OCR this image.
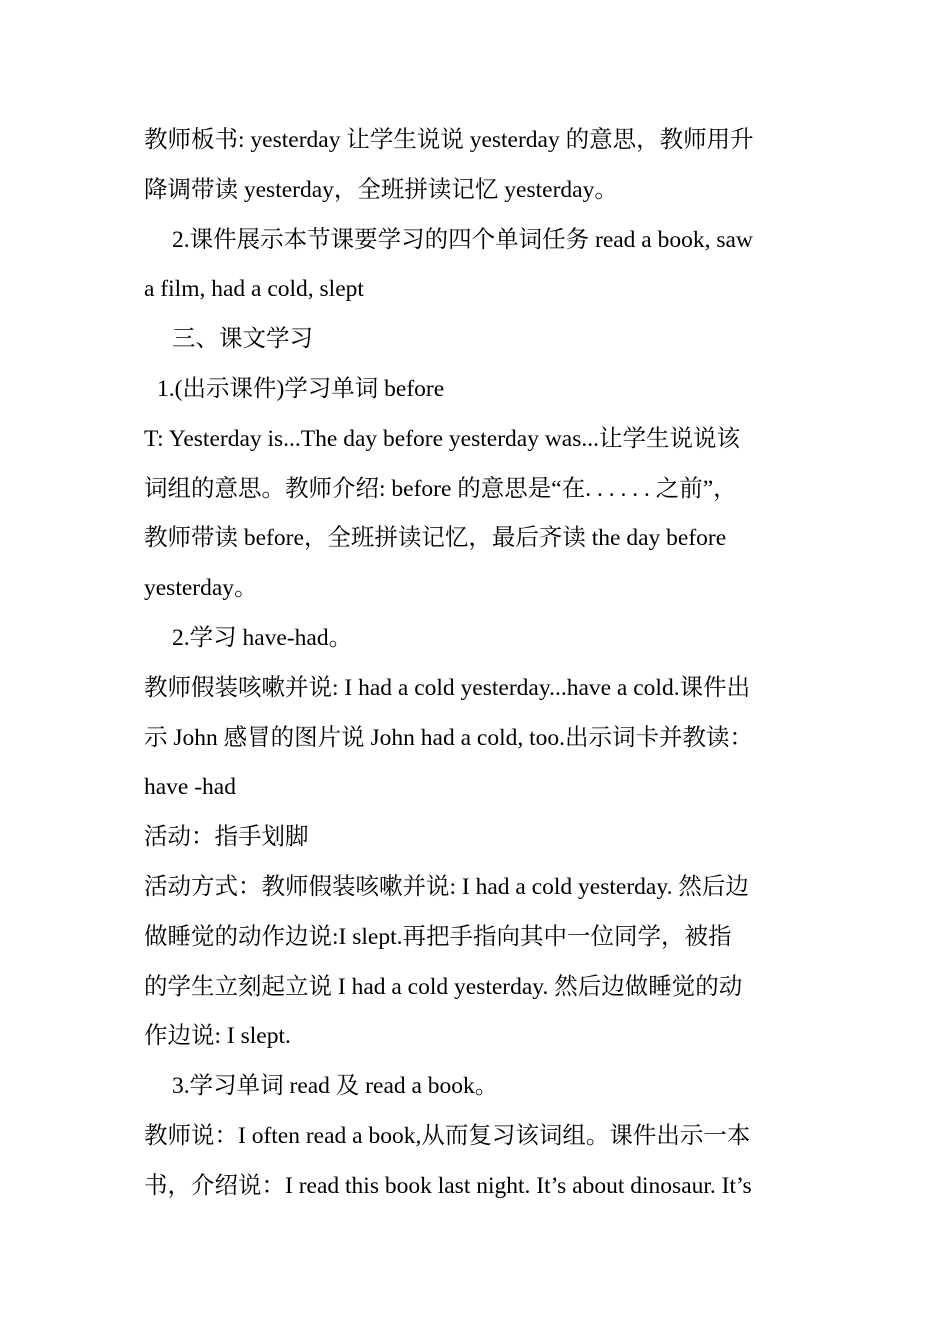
教师板书: yesterday 让学生说说 yesterday 的意思，教师用升
降调带读 yesterday，全班拼读记忆 yesterday。
2.课件展示本节课要学习的四个单词任务 read a book, saw
a film, had a cold, slept
三、课文学习
1.(出示课件)学习单词 before
T: Yesterday is...The day before yesterday was...让学生说说该
词组的意思。教师介绍: before 的意思是“在. . . . . . 之前”，
教师带读 before，全班拼读记忆，最后齐读 the day before
yesterday。
2.学习 have-had。
教师假装咳嗽并说: I had a cold yesterday...have a cold.课件出
示 John 感冒的图片说 John had a cold, too.出示词卡并教读：
have -had
活动：指手划脚
活动方式：教师假装咳嗽并说: I had a cold yesterday. 然后边
做睡觉的动作边说:I slept.再把手指向其中一位同学，被指
的学生立刻起立说 I had a cold yesterday. 然后边做睡觉的动
作边说: I slept.
3.学习单词 read 及 read a book。
教师说：I often read a book,从而复习该词组。课件出示一本
书，介绍说：I read this book last night. It’s about dinosaur. It’s
